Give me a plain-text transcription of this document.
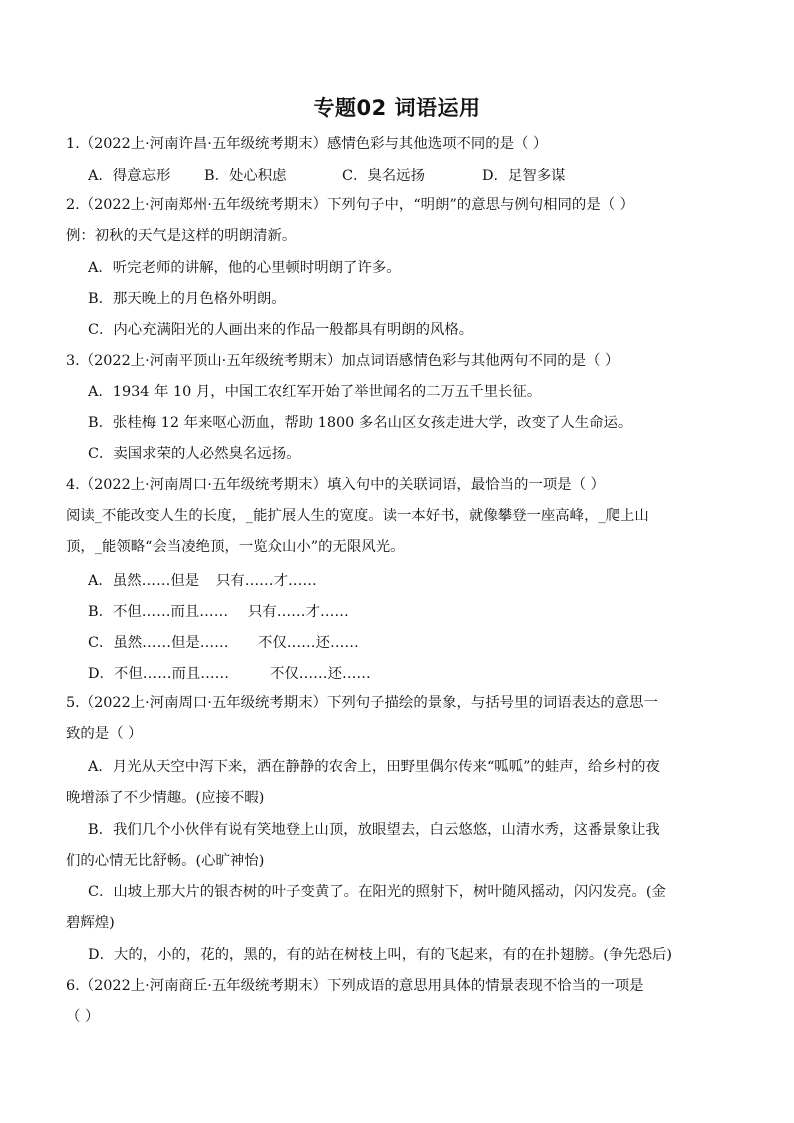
专题02 词语运用
1.（2022上·河南许昌·五年级统考期末）感情色彩与其他选项不同的是（ ）
A．得意忘形 B．处心积虑	C．臭名远扬	D．足智多谋
2.（2022上·河南郑州·五年级统考期末）下列句子中，“明朗”的意思与例句相同的是（ ）
例：初秋的天气是这样的明朗清新。
A．听完老师的讲解，他的心里顿时明朗了许多。
B．那天晚上的月色格外明朗。
C．内心充满阳光的人画出来的作品一般都具有明朗的风格。
3.（2022上·河南平顶山·五年级统考期末）加点词语感情色彩与其他两句不同的是（ ）
A．1934 年 10 月，中国工农红军开始了举世闻名的二万五千里长征。
B．张桂梅 12 年来呕心沥血，帮助 1800 多名山区女孩走进大学，改变了人生命运。
C．卖国求荣的人必然臭名远扬。
4.（2022上·河南周口·五年级统考期末）填入句中的关联词语，最恰当的一项是（ ）
阅读_不能改变人生的长度，_能扩展人生的宽度。读一本好书，就像攀登一座高峰，_爬上山
顶，_能领略“会当凌绝顶，一览众山小”的无限风光。
A．虽然……但是 只有……才……
B．不但……而且…… 只有……才……
C．虽然……但是…… 不仅……还……
D．不但……而且……	不仅……还……
5.（2022上·河南周口·五年级统考期末）下列句子描绘的景象，与括号里的词语表达的意思一
致的是（ ）
A．月光从天空中泻下来，洒在静静的农舍上，田野里偶尔传来“呱呱”的蛙声，给乡村的夜
晚增添了不少情趣。(应接不暇)
B．我们几个小伙伴有说有笑地登上山顶，放眼望去，白云悠悠，山清水秀，这番景象让我
们的心情无比舒畅。(心旷神怡)
C．山坡上那大片的银杏树的叶子变黄了。在阳光的照射下，树叶随风摇动，闪闪发亮。(金
碧辉煌)
D．大的，小的，花的，黑的，有的站在树枝上叫，有的飞起来，有的在扑翅膀。(争先恐后)
6.（2022上·河南商丘·五年级统考期末）下列成语的意思用具体的情景表现不恰当的一项是
（ ）
